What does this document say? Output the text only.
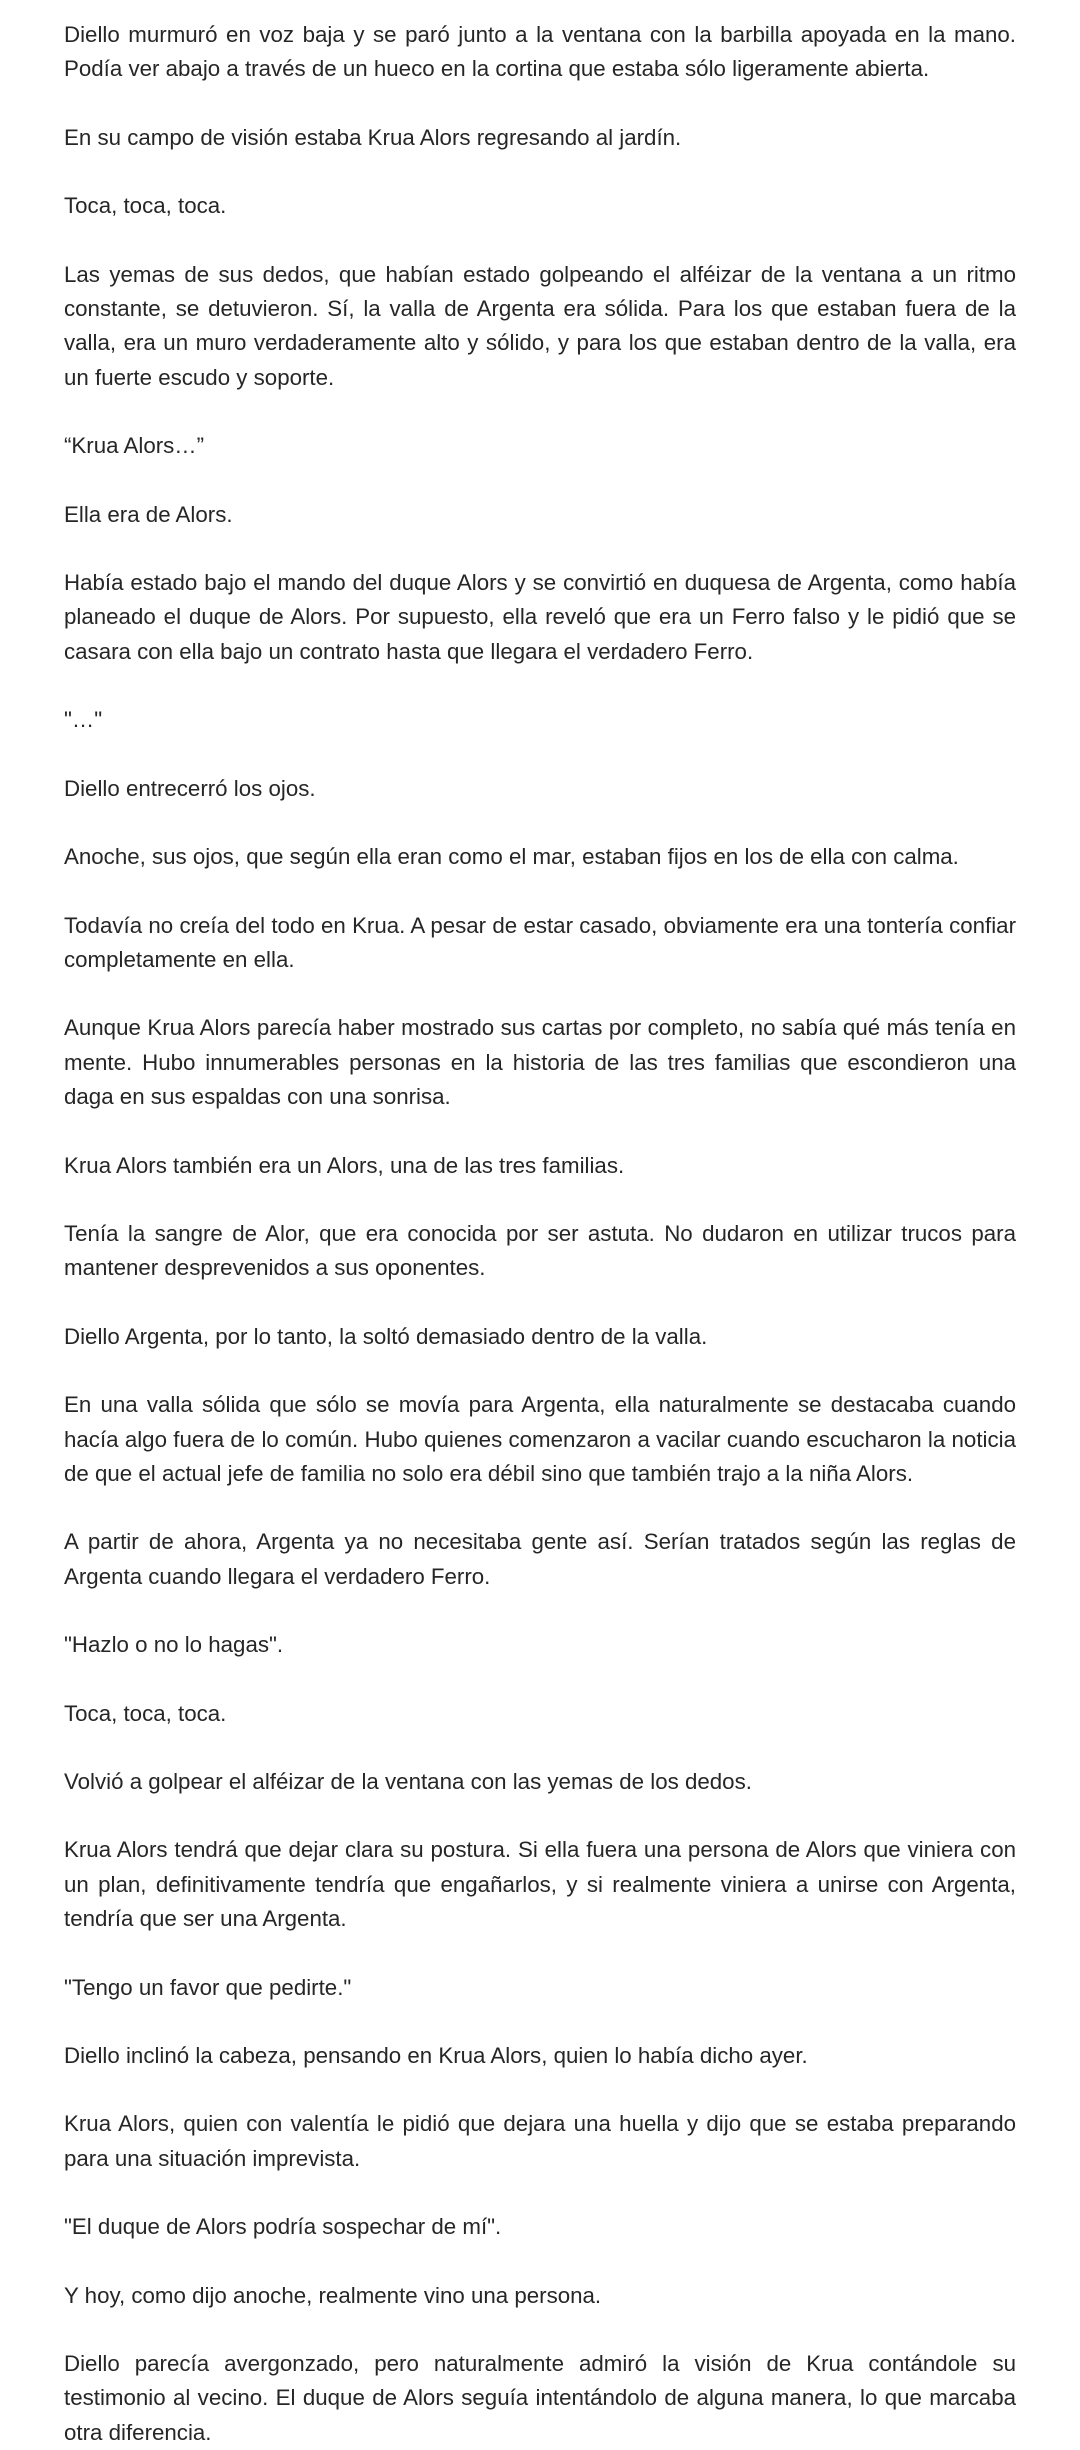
Diello murmuró en voz baja y se paró junto a la ventana con la barbilla apoyada en la mano. Podía ver abajo a través de un hueco en la cortina que estaba sólo ligeramente abierta.

En su campo de visión estaba Krua Alors regresando al jardín.

Toca, toca, toca.

Las yemas de sus dedos, que habían estado golpeando el alféizar de la ventana a un ritmo constante, se detuvieron. Sí, la valla de Argenta era sólida. Para los que estaban fuera de la valla, era un muro verdaderamente alto y sólido, y para los que estaban dentro de la valla, era un fuerte escudo y soporte.

“Krua Alors…”

Ella era de Alors.

Había estado bajo el mando del duque Alors y se convirtió en duquesa de Argenta, como había planeado el duque de Alors. Por supuesto, ella reveló que era un Ferro falso y le pidió que se casara con ella bajo un contrato hasta que llegara el verdadero Ferro.

"…"

Diello entrecerró los ojos.

Anoche, sus ojos, que según ella eran como el mar, estaban fijos en los de ella con calma.

Todavía no creía del todo en Krua. A pesar de estar casado, obviamente era una tontería confiar completamente en ella.

Aunque Krua Alors parecía haber mostrado sus cartas por completo, no sabía qué más tenía en mente. Hubo innumerables personas en la historia de las tres familias que escondieron una daga en sus espaldas con una sonrisa.

Krua Alors también era un Alors, una de las tres familias.

Tenía la sangre de Alor, que era conocida por ser astuta. No dudaron en utilizar trucos para mantener desprevenidos a sus oponentes.

Diello Argenta, por lo tanto, la soltó demasiado dentro de la valla.

En una valla sólida que sólo se movía para Argenta, ella naturalmente se destacaba cuando hacía algo fuera de lo común. Hubo quienes comenzaron a vacilar cuando escucharon la noticia de que el actual jefe de familia no solo era débil sino que también trajo a la niña Alors.

A partir de ahora, Argenta ya no necesitaba gente así. Serían tratados según las reglas de Argenta cuando llegara el verdadero Ferro.

"Hazlo o no lo hagas".

Toca, toca, toca.

Volvió a golpear el alféizar de la ventana con las yemas de los dedos.

Krua Alors tendrá que dejar clara su postura. Si ella fuera una persona de Alors que viniera con un plan, definitivamente tendría que engañarlos, y si realmente viniera a unirse con Argenta, tendría que ser una Argenta.

"Tengo un favor que pedirte."

Diello inclinó la cabeza, pensando en Krua Alors, quien lo había dicho ayer.

Krua Alors, quien con valentía le pidió que dejara una huella y dijo que se estaba preparando para una situación imprevista.

"El duque de Alors podría sospechar de mí".

Y hoy, como dijo anoche, realmente vino una persona.

Diello parecía avergonzado, pero naturalmente admiró la visión de Krua contándole su testimonio al vecino. El duque de Alors seguía intentándolo de alguna manera, lo que marcaba otra diferencia.
